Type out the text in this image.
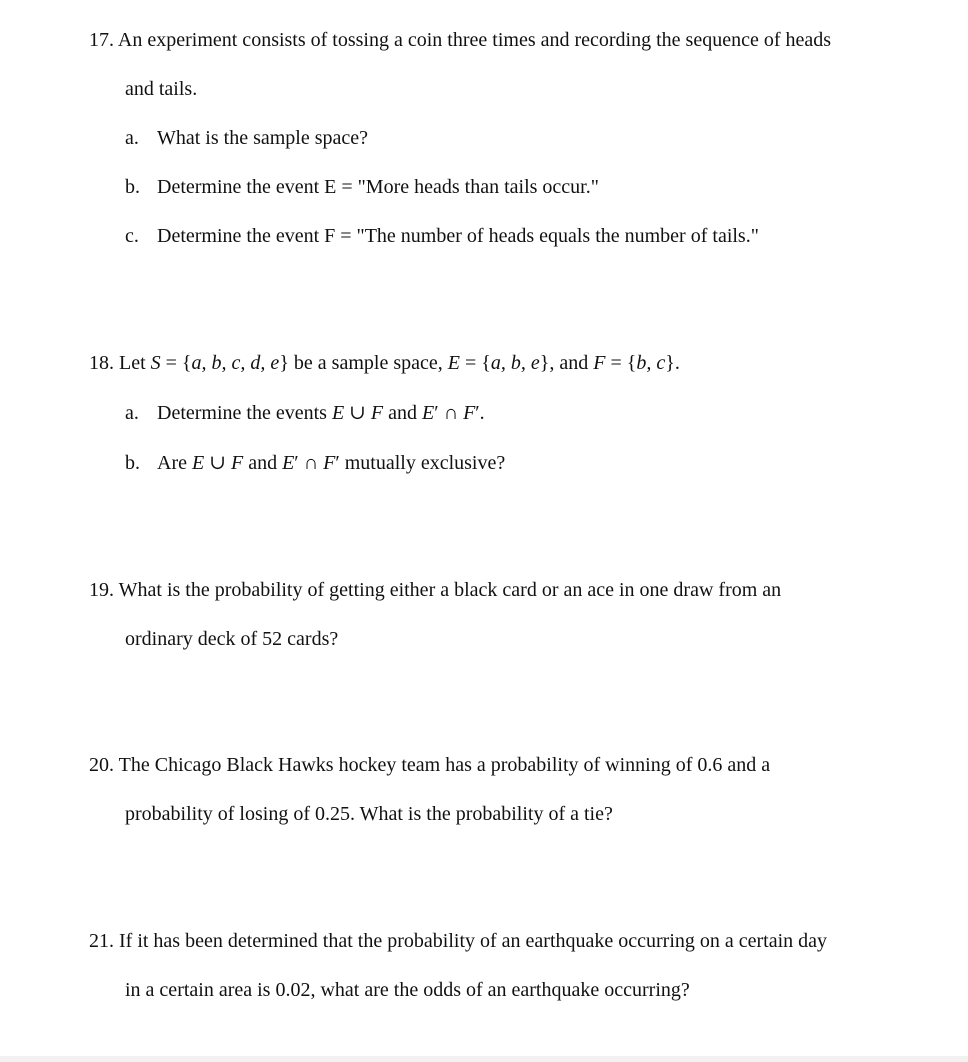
17. An experiment consists of tossing a coin three times and recording the sequence of heads
and tails.
a. What is the sample space?
b. Determine the event E = "More heads than tails occur."
c. Determine the event F = "The number of heads equals the number of tails."
18. Let S = {a, b, c, d, e} be a sample space, E = {a, b, e}, and F = {b, c}.
a. Determine the events E ∪ F and E′ ∩ F′.
b. Are E ∪ F and E′ ∩ F′ mutually exclusive?
19. What is the probability of getting either a black card or an ace in one draw from an
ordinary deck of 52 cards?
20. The Chicago Black Hawks hockey team has a probability of winning of 0.6 and a
probability of losing of 0.25. What is the probability of a tie?
21. If it has been determined that the probability of an earthquake occurring on a certain day
in a certain area is 0.02, what are the odds of an earthquake occurring?
